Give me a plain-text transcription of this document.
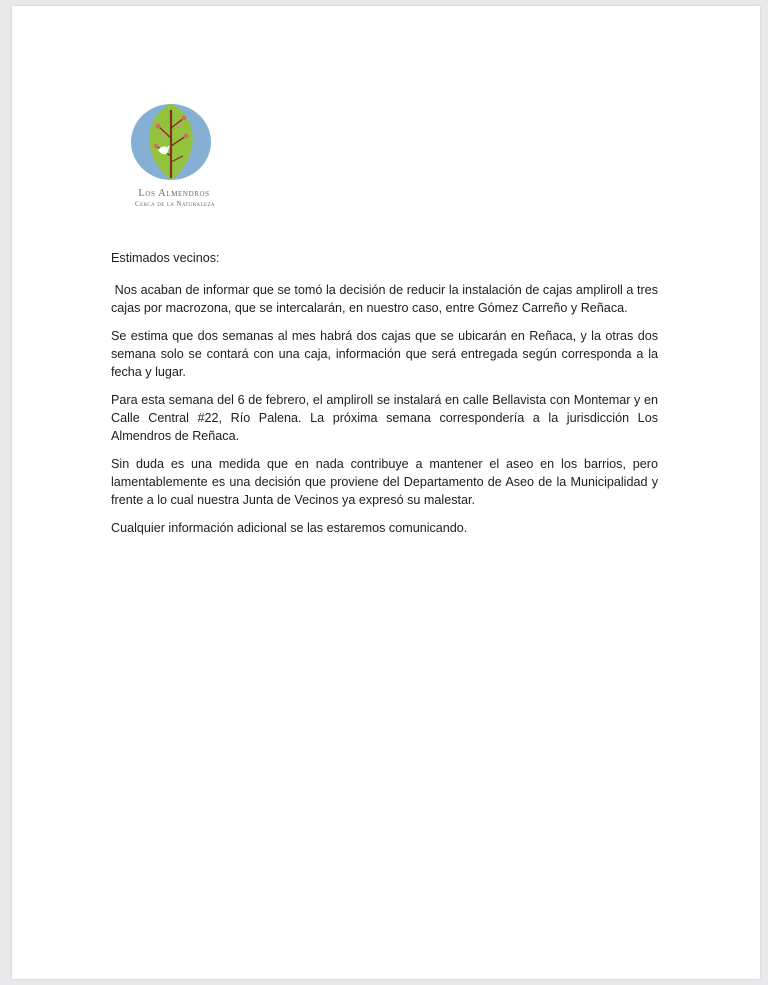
Los Almendros
Cerca de la Naturaleza

Estimados vecinos:

Nos acaban de informar que se tomó la decisión de reducir la instalación de cajas ampliroll a tres cajas por macrozona, que se intercalarán, en nuestro caso, entre Gómez Carreño y Reñaca.

Se estima que dos semanas al mes habrá dos cajas que se ubicarán en Reñaca, y la otras dos semana solo se contará con una caja, información que será entregada según corresponda a la fecha y lugar.

Para esta semana del 6 de febrero, el ampliroll se instalará en calle Bellavista con Montemar y en Calle Central #22, Río Palena. La próxima semana correspondería a la jurisdicción Los Almendros de Reñaca.

Sin duda es una medida que en nada contribuye a mantener el aseo en los barrios, pero lamentablemente es una decisión que proviene del Departamento de Aseo de la Municipalidad y frente a lo cual nuestra Junta de Vecinos ya expresó su malestar.

Cualquier información adicional se las estaremos comunicando.
